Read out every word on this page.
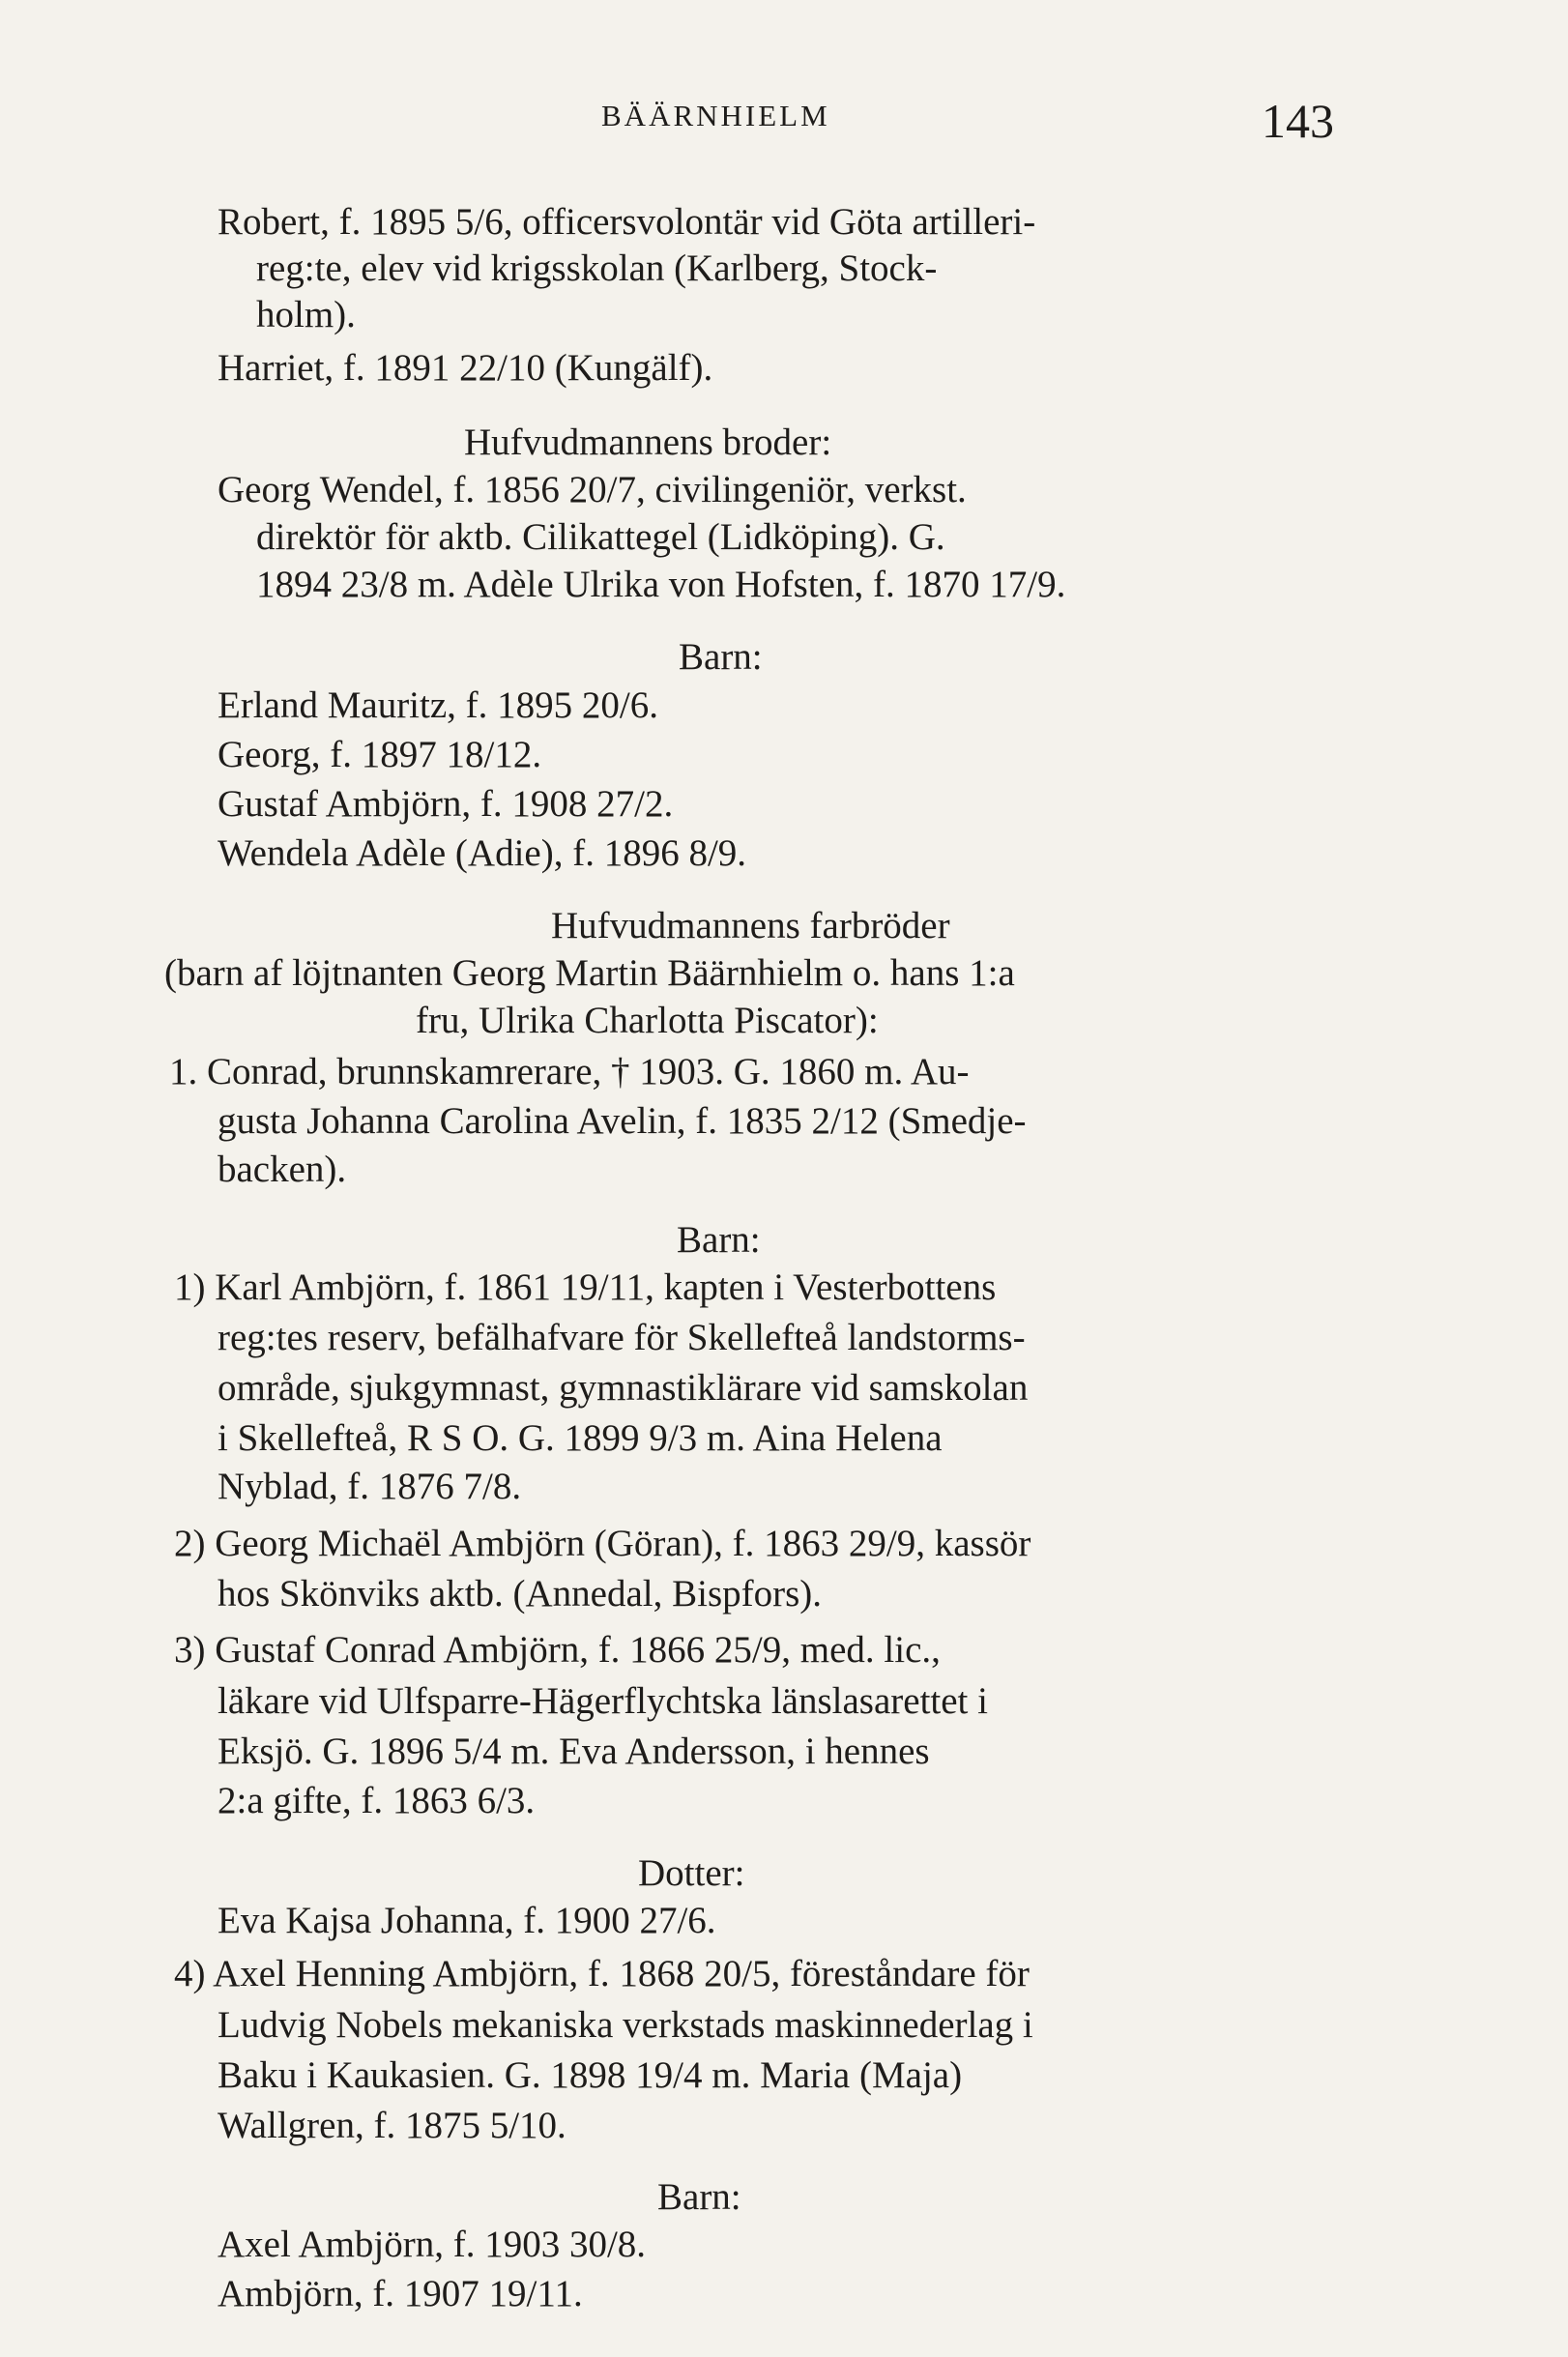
BÄÄRNHIELM	143
Robert, f. 1895 5/6, officersvolontär vid Göta artilleri-
reg:te, elev vid krigsskolan (Karlberg, Stock-
holm).
Harriet, f. 1891 22/10 (Kungälf).
Hufvudmannens broder:
Georg Wendel, f. 1856 20/7, civilingeniör, verkst.
direktör för aktb. Cilikattegel (Lidköping). G.
1894 23/8 m. Adèle Ulrika von Hofsten, f. 1870 17/9.
Barn:
Erland Mauritz, f. 1895 20/6.
Georg, f. 1897 18/12.
Gustaf Ambjörn, f. 1908 27/2.
Wendela Adèle (Adie), f. 1896 8/9.
Hufvudmannens farbröder
(barn af löjtnanten Georg Martin Bäärnhielm o. hans 1:a
fru, Ulrika Charlotta Piscator):
1. Conrad, brunnskamrerare, † 1903. G. 1860 m. Au-
gusta Johanna Carolina Avelin, f. 1835 2/12 (Smedje-
backen).
Barn:
1) Karl Ambjörn, f. 1861 19/11, kapten i Vesterbottens
reg:tes reserv, befälhafvare för Skellefteå landstorms-
område, sjukgymnast, gymnastiklärare vid samskolan
i Skellefteå, R S O. G. 1899 9/3 m. Aina Helena
Nyblad, f. 1876 7/8.
2) Georg Michaël Ambjörn (Göran), f. 1863 29/9, kassör
hos Skönviks aktb. (Annedal, Bispfors).
3) Gustaf Conrad Ambjörn, f. 1866 25/9, med. lic.,
läkare vid Ulfsparre-Hägerflychtska länslasarettet i
Eksjö. G. 1896 5/4 m. Eva Andersson, i hennes
2:a gifte, f. 1863 6/3.
Dotter:
Eva Kajsa Johanna, f. 1900 27/6.
4) Axel Henning Ambjörn, f. 1868 20/5, föreståndare för
Ludvig Nobels mekaniska verkstads maskinnederlag i
Baku i Kaukasien. G. 1898 19/4 m. Maria (Maja)
Wallgren, f. 1875 5/10.
Barn:
Axel Ambjörn, f. 1903 30/8.
Ambjörn, f. 1907 19/11.
